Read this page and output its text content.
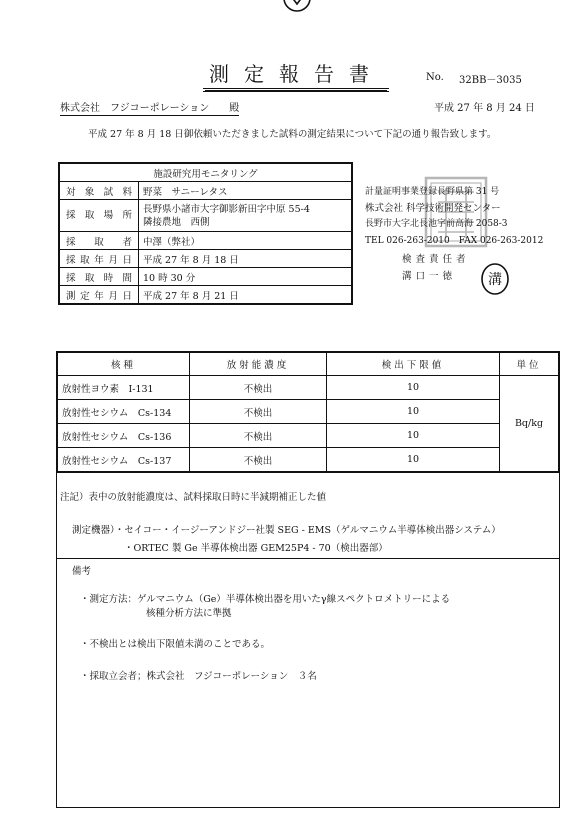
測定報告書	No. 32BB－3035
株式会社　フジコーポレーション　　殿	平成 27 年 8 月 24 日
平成 27 年 8 月 18 日御依頼いただきました試料の測定結果について下記の通り報告致します。
施設研究用モニタリング	
対象試料	野菜　サニーレタス
採取場所	長野県小諸市大字御影新田字中原 55-4
隣接農地　西側
採取者	中澤（弊社）
採取年月日	平成 27 年 8 月 18 日
採取時間	10 時 30 分
測定年月日	平成 27 年 8 月 21 日
計量証明事業登録長野県第 31 号
株式会社 科学技術開発センター
長野市大字北長池字前高海 2058-3
TEL 026-263-2010　FAX 026-263-2012
検査責任者
溝口一徳 溝
核種	放射能濃度	検出下限値	単位
放射性ヨウ素　I-131	不検出	10	Bq/kg
放射性セシウム　Cs-134	不検出	10	
放射性セシウム　Cs-136	不検出	10	
放射性セシウム　Cs-137	不検出	10	
注記）表中の放射能濃度は、試料採取日時に半減期補正した値
測定機器）・セイコー・イージーアンドジー社製 SEG - EMS（ゲルマニウム半導体検出器システム）
・ORTEC 製 Ge 半導体検出器 GEM25P4 - 70（検出器部）
備考
・測定方法：ゲルマニウム（Ge）半導体検出器を用いたγ線スペクトロメトリーによる
核種分析方法に準拠
・不検出とは検出下限値未満のことである。
・採取立会者；株式会社　フジコーポレーション　３名
